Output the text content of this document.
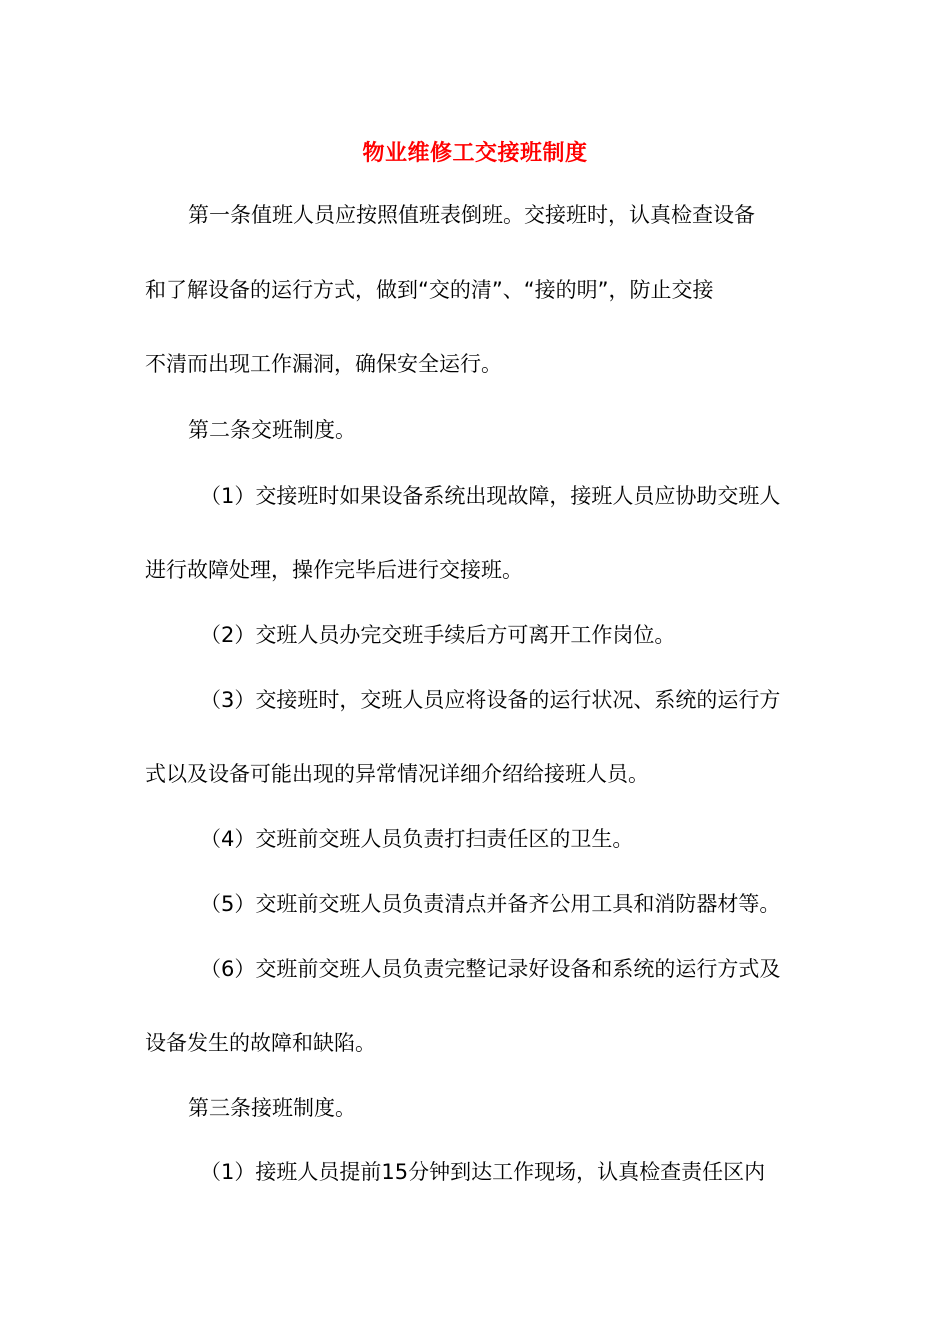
物业维修工交接班制度
第一条值班人员应按照值班表倒班。交接班时，认真检查设备
和了解设备的运行方式，做到“交的清”、“接的明”，防止交接
不清而出现工作漏洞，确保安全运行。
第二条交班制度。
（1）交接班时如果设备系统出现故障，接班人员应协助交班人
进行故障处理，操作完毕后进行交接班。
（2）交班人员办完交班手续后方可离开工作岗位。
（3）交接班时，交班人员应将设备的运行状况、系统的运行方
式以及设备可能出现的异常情况详细介绍给接班人员。
（4）交班前交班人员负责打扫责任区的卫生。
（5）交班前交班人员负责清点并备齐公用工具和消防器材等。
（6）交班前交班人员负责完整记录好设备和系统的运行方式及
设备发生的故障和缺陷。
第三条接班制度。
（1）接班人员提前15分钟到达工作现场，认真检查责任区内
